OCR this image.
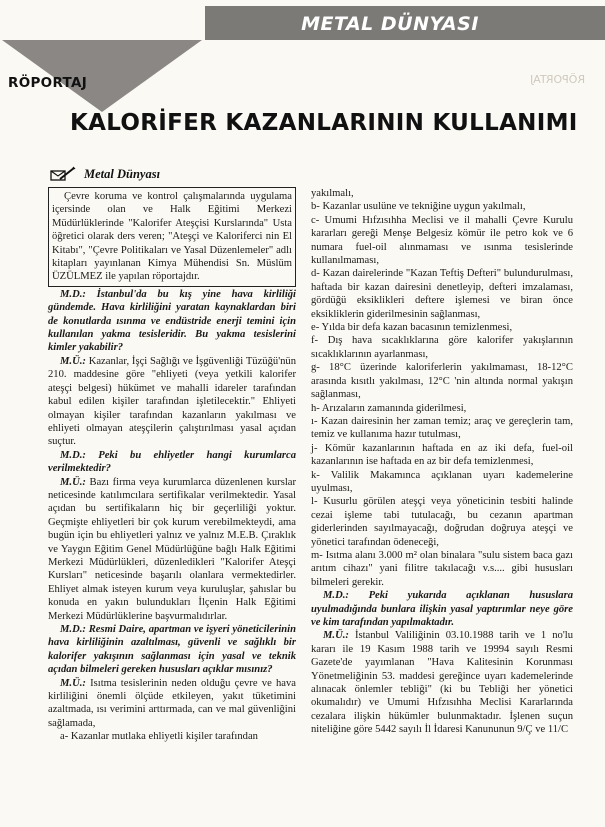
METAL DÜNYASI
RÖPORTAJ	RÖPORTAJ
KALORİFER KAZANLARININ KULLANIMI
Metal Dünyası

Çevre koruma ve kontrol çalışmalarında uygulama içersinde olan ve Halk Eğitimi Merkezi Müdürlüklerinde "Kalorifer Ateşçisi Kurslarında" Usta öğretici olarak ders veren; "Ateşçi ve Kaloriferci nin El Kitabı", "Çevre Politikaları ve Yasal Düzenlemeler" adlı kitapları yayınlanan Kimya Mühendisi Sn. Müslüm ÜZÜLMEZ ile yapılan röportajdır.

M.D.: İstanbul'da bu kış yine hava kirliliği gündemde. Hava kirliliğini yaratan kaynaklardan biri de konutlarda ısınma ve endüstride enerji temini için kullanılan yakma tesisleridir. Bu yakma tesislerini kimler yakabilir?

M.Ü.: Kazanlar, İşçi Sağlığı ve İşgüvenliği Tüzüğü'nün 210. maddesine göre "ehliyeti (veya yetkili kalorifer ateşçi belgesi) hükümet ve mahalli idareler tarafından kabul edilen kişiler tarafından işletilecektir." Ehliyeti olmayan kişiler tarafından kazanların yakılması ve ehliyeti olmayan ateşçilerin çalıştırılması yasal açıdan suçtur.

M.D.: Peki bu ehliyetler hangi kurumlarca verilmektedir?

M.Ü.: Bazı firma veya kurumlarca düzenlenen kurslar neticesinde katılımcılara sertifikalar verilmektedir. Yasal açıdan bu sertifikaların hiç bir geçerliliği yoktur. Geçmişte ehliyetleri bir çok kurum verebilmekteydi, ama bugün için bu ehliyetleri yalnız ve yalnız M.E.B. Çıraklık ve Yaygın Eğitim Genel Müdürlüğüne bağlı Halk Eğitimi Merkezi Müdürlükleri, düzenledikleri "Kalorifer Ateşçi Kursları" neticesinde başarılı olanlara vermektedirler. Ehliyet almak isteyen kurum veya kuruluşlar, şahıslar bu konuda en yakın bulundukları İlçenin Halk Eğitimi Merkezi Müdürlüklerine başvurmalıdırlar.

M.D.: Resmi Daire, apartman ve işyeri yöneticilerinin hava kirliliğinin azaltılması, güvenli ve sağlıklı bir kalorifer yakışının sağlanması için yasal ve teknik açıdan bilmeleri gereken hususları açıklar mısınız?

M.Ü.: Isıtma tesislerinin neden olduğu çevre ve hava kirliliğini önemli ölçüde etkileyen, yakıt tüketimini azaltmada, ısı verimini arttırmada, can ve mal güvenliğini sağlamada,

a- Kazanlar mutlaka ehliyetli kişiler tarafından

yakılmalı,

b- Kazanlar usulüne ve tekniğine uygun yakılmalı,

c- Umumi Hıfzısıhha Meclisi ve il mahalli Çevre Kurulu kararları gereği Menşe Belgesiz kömür ile petro kok ve 6 numara fuel-oil alınmaması ve ısınma tesislerinde kullanılmaması,

d- Kazan dairelerinde "Kazan Teftiş Defteri" bulundurulması, haftada bir kazan dairesini denetleyip, defteri imzalaması, gördüğü eksiklikleri deftere işlemesi ve biran önce eksikliklerin giderilmesinin sağlanması,

e- Yılda bir defa kazan bacasının temizlenmesi,

f- Dış hava sıcaklıklarına göre kalorifer yakışlarının sıcaklıklarının ayarlanması,

g- 18°C üzerinde kaloriferlerin yakılmaması, 18-12°C arasında kısıtlı yakılması, 12°C 'nin altında normal yakışın sağlanması,

h- Arızaların zamanında giderilmesi,

ı- Kazan dairesinin her zaman temiz; araç ve gereçlerin tam, temiz ve kullanıma hazır tutulması,

j- Kömür kazanlarının haftada en az iki defa, fuel-oil kazanlarının ise haftada en az bir defa temizlenmesi,

k- Valilik Makamınca açıklanan uyarı kademelerine uyulması,

l- Kusurlu görülen ateşçi veya yöneticinin tesbiti halinde cezai işleme tabi tutulacağı, bu cezanın apartman giderlerinden sayılmayacağı, doğrudan doğruya ateşçi ve yönetici tarafından ödeneceği,

m- Isıtma alanı 3.000 m² olan binalara "sulu sistem baca gazı arıtım cihazı" yani filitre takılacağı v.s.... gibi hususları bilmeleri gerekir.

M.D.: Peki yukarıda açıklanan hususlara uyulmadığında bunlara ilişkin yasal yaptırımlar neye göre ve kim tarafından yapılmaktadır.

M.Ü.: İstanbul Valiliğinin 03.10.1988 tarih ve 1 no'lu kararı ile 19 Kasım 1988 tarih ve 19994 sayılı Resmi Gazete'de yayımlanan "Hava Kalitesinin Korunması Yönetmeliğinin 53. maddesi gereğince uyarı kademelerinde alınacak önlemler tebliği" (ki bu Tebliği her yönetici okumalıdır) ve Umumi Hıfzısıhha Meclisi Kararlarında cezalara ilişkin hükümler bulunmaktadır. İşlenen suçun niteliğine göre 5442 sayılı İl İdaresi Kanununun 9/Ç ve 11/C
